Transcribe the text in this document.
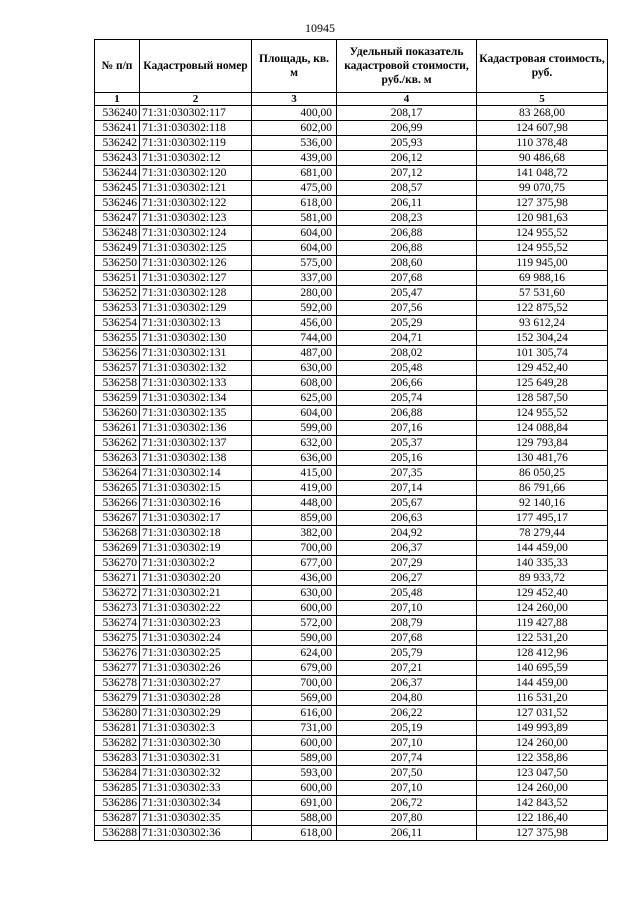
10945
№ п/п	Кадастровый номер	Площадь, кв. м	Удельный показатель кадастровой стоимости, руб./кв. м	Кадастровая стоимость, руб.
1	2	3	4	5
536240	71:31:030302:117	400,00	208,17	83 268,00
536241	71:31:030302:118	602,00	206,99	124 607,98
536242	71:31:030302:119	536,00	205,93	110 378,48
536243	71:31:030302:12	439,00	206,12	90 486,68
536244	71:31:030302:120	681,00	207,12	141 048,72
536245	71:31:030302:121	475,00	208,57	99 070,75
536246	71:31:030302:122	618,00	206,11	127 375,98
536247	71:31:030302:123	581,00	208,23	120 981,63
536248	71:31:030302:124	604,00	206,88	124 955,52
536249	71:31:030302:125	604,00	206,88	124 955,52
536250	71:31:030302:126	575,00	208,60	119 945,00
536251	71:31:030302:127	337,00	207,68	69 988,16
536252	71:31:030302:128	280,00	205,47	57 531,60
536253	71:31:030302:129	592,00	207,56	122 875,52
536254	71:31:030302:13	456,00	205,29	93 612,24
536255	71:31:030302:130	744,00	204,71	152 304,24
536256	71:31:030302:131	487,00	208,02	101 305,74
536257	71:31:030302:132	630,00	205,48	129 452,40
536258	71:31:030302:133	608,00	206,66	125 649,28
536259	71:31:030302:134	625,00	205,74	128 587,50
536260	71:31:030302:135	604,00	206,88	124 955,52
536261	71:31:030302:136	599,00	207,16	124 088,84
536262	71:31:030302:137	632,00	205,37	129 793,84
536263	71:31:030302:138	636,00	205,16	130 481,76
536264	71:31:030302:14	415,00	207,35	86 050,25
536265	71:31:030302:15	419,00	207,14	86 791,66
536266	71:31:030302:16	448,00	205,67	92 140,16
536267	71:31:030302:17	859,00	206,63	177 495,17
536268	71:31:030302:18	382,00	204,92	78 279,44
536269	71:31:030302:19	700,00	206,37	144 459,00
536270	71:31:030302:2	677,00	207,29	140 335,33
536271	71:31:030302:20	436,00	206,27	89 933,72
536272	71:31:030302:21	630,00	205,48	129 452,40
536273	71:31:030302:22	600,00	207,10	124 260,00
536274	71:31:030302:23	572,00	208,79	119 427,88
536275	71:31:030302:24	590,00	207,68	122 531,20
536276	71:31:030302:25	624,00	205,79	128 412,96
536277	71:31:030302:26	679,00	207,21	140 695,59
536278	71:31:030302:27	700,00	206,37	144 459,00
536279	71:31:030302:28	569,00	204,80	116 531,20
536280	71:31:030302:29	616,00	206,22	127 031,52
536281	71:31:030302:3	731,00	205,19	149 993,89
536282	71:31:030302:30	600,00	207,10	124 260,00
536283	71:31:030302:31	589,00	207,74	122 358,86
536284	71:31:030302:32	593,00	207,50	123 047,50
536285	71:31:030302:33	600,00	207,10	124 260,00
536286	71:31:030302:34	691,00	206,72	142 843,52
536287	71:31:030302:35	588,00	207,80	122 186,40
536288	71:31:030302:36	618,00	206,11	127 375,98
